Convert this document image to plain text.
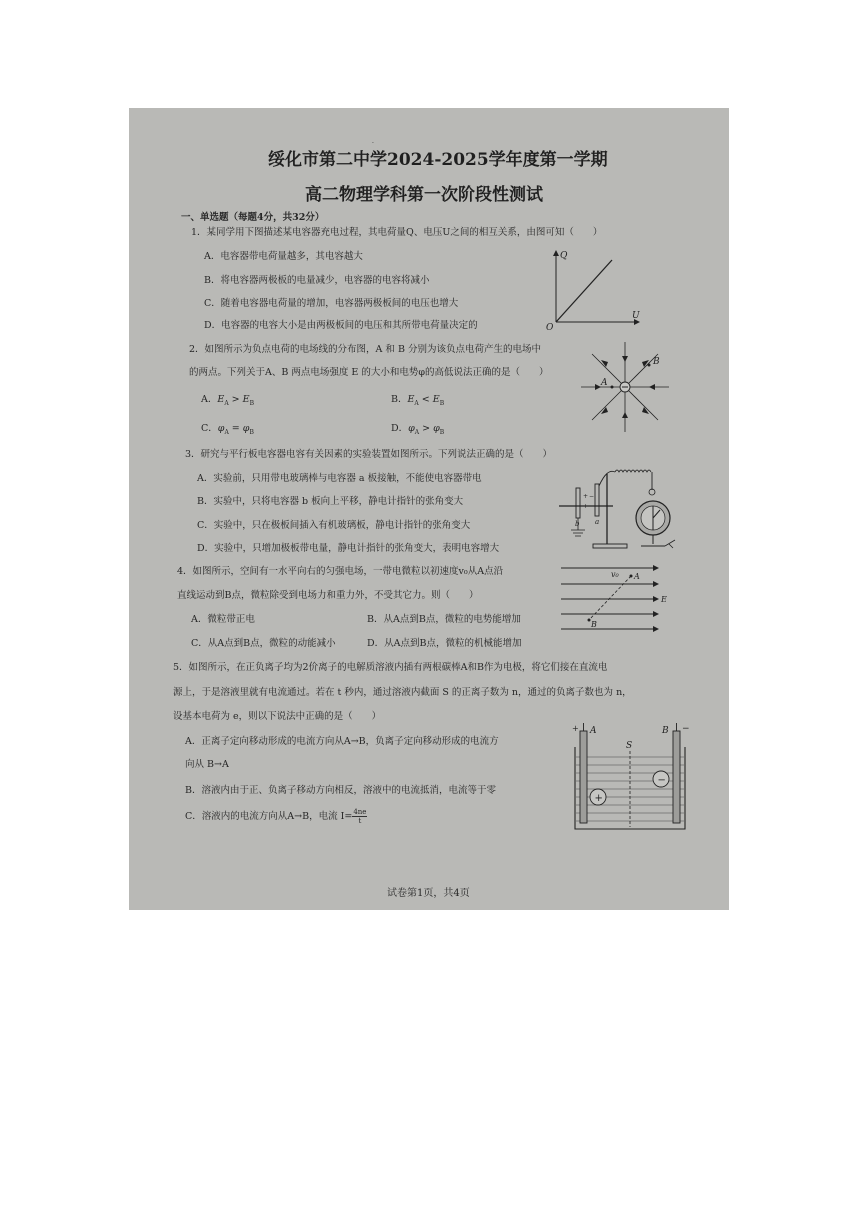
·
绥化市第二中学2024-2025学年度第一学期
高二物理学科第一次阶段性测试
一、单选题（每题4分，共32分）
1．某同学用下图描述某电容器充电过程，其电荷量Q、电压U之间的相互关系，由图可知（　　）
A．电容器带电荷量越多，其电容越大
B．将电容器两极板的电量减少，电容器的电容将减小
C．随着电容器电荷量的增加，电容器两极板间的电压也增大
D．电容器的电容大小是由两极板间的电压和其所带电荷量决定的
Q
U
O
2．如图所示为负点电荷的电场线的分布图，A 和 B 分别为该负点电荷产生的电场中
的两点。下列关于A、B 两点电场强度 E 的大小和电势φ的高低说法正确的是（　　）
A．$E_A > E_B$	B．$E_A < E_B$
C．$\varphi_A = \varphi_B$	D．$\varphi_A > \varphi_B$
A
B
3．研究与平行板电容器电容有关因素的实验装置如图所示。下列说法正确的是（　　）
A．实验前，只用带电玻璃棒与电容器 a 板接触，不能使电容器带电
B．实验中，只将电容器 b 板向上平移，静电计指针的张角变大
C．实验中，只在极板间插入有机玻璃板，静电计指针的张角变大
D．实验中，只增加极板带电量，静电计指针的张角变大，表明电容增大
+
+
−
−
a
b
4．如图所示，空间有一水平向右的匀强电场，一带电微粒以初速度v₀从A点沿
直线运动到B点，微粒除受到电场力和重力外，不受其它力。则（　　）
A．微粒带正电	B．从A点到B点，微粒的电势能增加
C．从A点到B点，微粒的动能减小	D．从A点到B点，微粒的机械能增加
v₀ A
B
E
5．如图所示，在正负离子均为2价离子的电解质溶液内插有两根碳棒A和B作为电极，将它们接在直流电
源上，于是溶液里就有电流通过。若在 t 秒内，通过溶液内截面 S 的正离子数为 n，通过的负离子数也为 n，
设基本电荷为 e，则以下说法中正确的是（　　）
A．正离子定向移动形成的电流方向从A→B，负离子定向移动形成的电流方
向从 B→A
B．溶液内由于正、负离子移动方向相反，溶液中的电流抵消，电流等于零
C．溶液内的电流方向从A→B，电流 $I= \frac{4ne}{t}$
+ A	B −
S
+
−
试卷第1页，共4页
